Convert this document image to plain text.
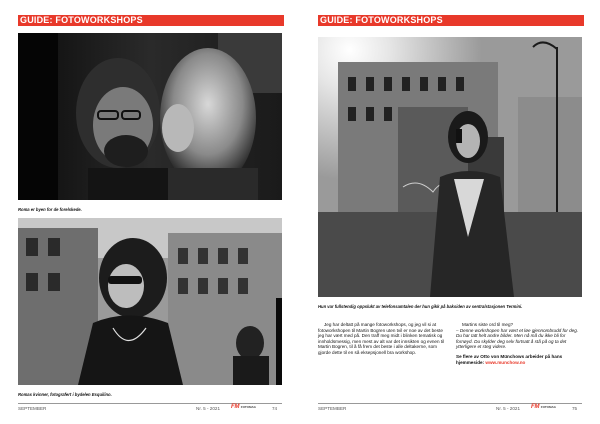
GUIDE: FOTOWORKSHOPS
Roma er byen for de forelskede.
Romas kvinner, fotografert i bydelen Esquilino.
SEPTEMBER	Nr. 5 - 2021 FM FOTOMAG	74
GUIDE: FOTOWORKSHOPS
Hun var fullstendig oppslukt av telefonsamtalen der hun gikk på baksiden av sentralstasjonen Termini.

Jeg har deltatt på mange fotoworkshops, og jeg vil si at fotoworkshopen til Martin Bogren uten tvil er noe av det beste jeg har vært med på. Den traff meg midt i blinken tematisk og innholdsmessig, men mest av alt var det innsikten og evnen til Martin Bogren, til å få frem det beste i alle deltakerne, som gjorde dette til en så eksepsjonell bra workshop.

Martins siste ord til meg?

– Denne workshopen har vært et løe gjennombrudd for deg. Du har tatt helt andre bilder. Men nå må du ikke bli for fornøyd. Du skylder deg selv fortsatt å stå på og ta det ytterligere et steg videre.

Se flere av Otto von Münchows arbeider på hans hjemmeside: www.munchow.no

SEPTEMBER	Nr. 5 - 2021 FM FOTOMAG	75
